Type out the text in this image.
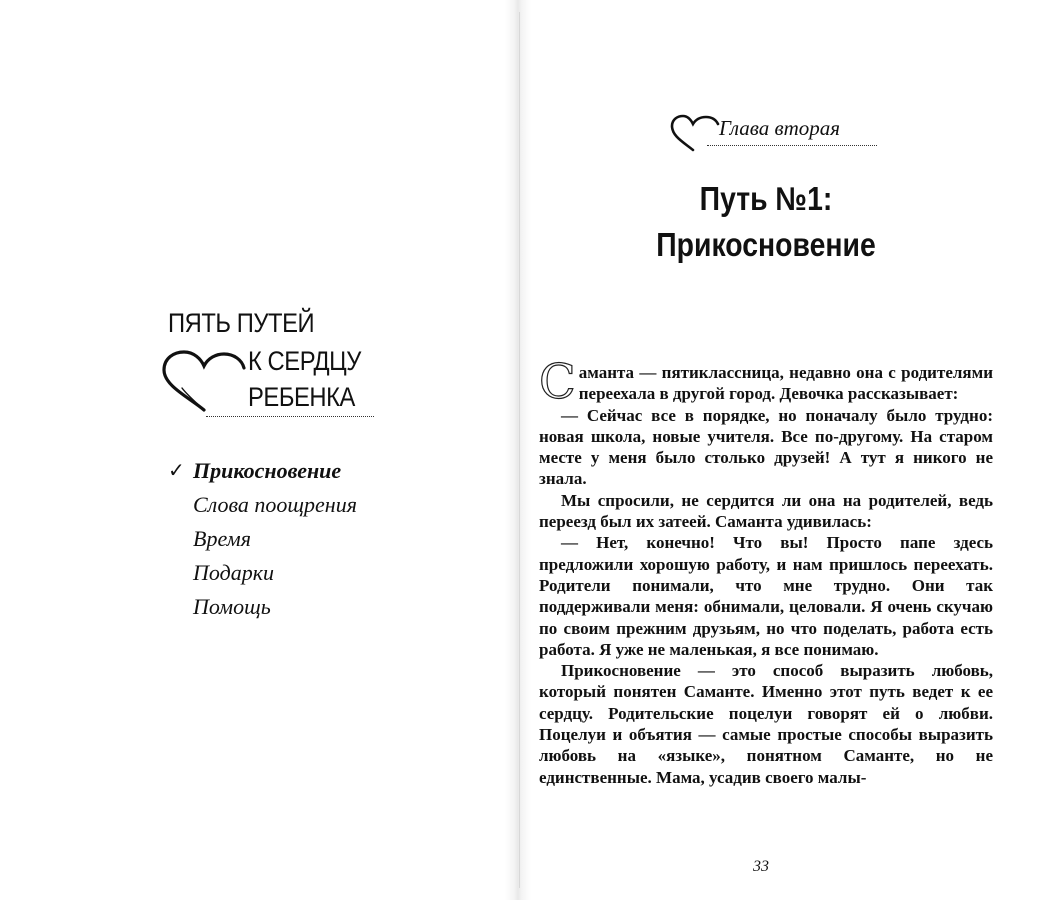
ПЯТЬ ПУТЕЙ
К СЕРДЦУ
РЕБЕНКА
✓ Прикосновение
Слова поощрения
Время
Подарки
Помощь
Глава вторая
Путь №1:
Прикосновение

Саманта — пятиклассница, недавно она с родителями переехала в другой город. Девочка рассказывает:

— Сейчас все в порядке, но поначалу было трудно: новая школа, новые учителя. Все по-другому. На старом месте у меня было столько друзей! А тут я никого не знала.

Мы спросили, не сердится ли она на родителей, ведь переезд был их затеей. Саманта удивилась:

— Нет, конечно! Что вы! Просто папе здесь предложили хорошую работу, и нам пришлось переехать. Родители понимали, что мне трудно. Они так поддерживали меня: обнимали, целовали. Я очень скучаю по своим прежним друзьям, но что поделать, работа есть работа. Я уже не маленькая, я все понимаю.

Прикосновение — это способ выразить любовь, который понятен Саманте. Именно этот путь ведет к ее сердцу. Родительские поцелуи говорят ей о любви. Поцелуи и объятия — самые простые способы выразить любовь на «языке», понятном Саманте, но не единственные. Мама, усадив своего малы-

33
